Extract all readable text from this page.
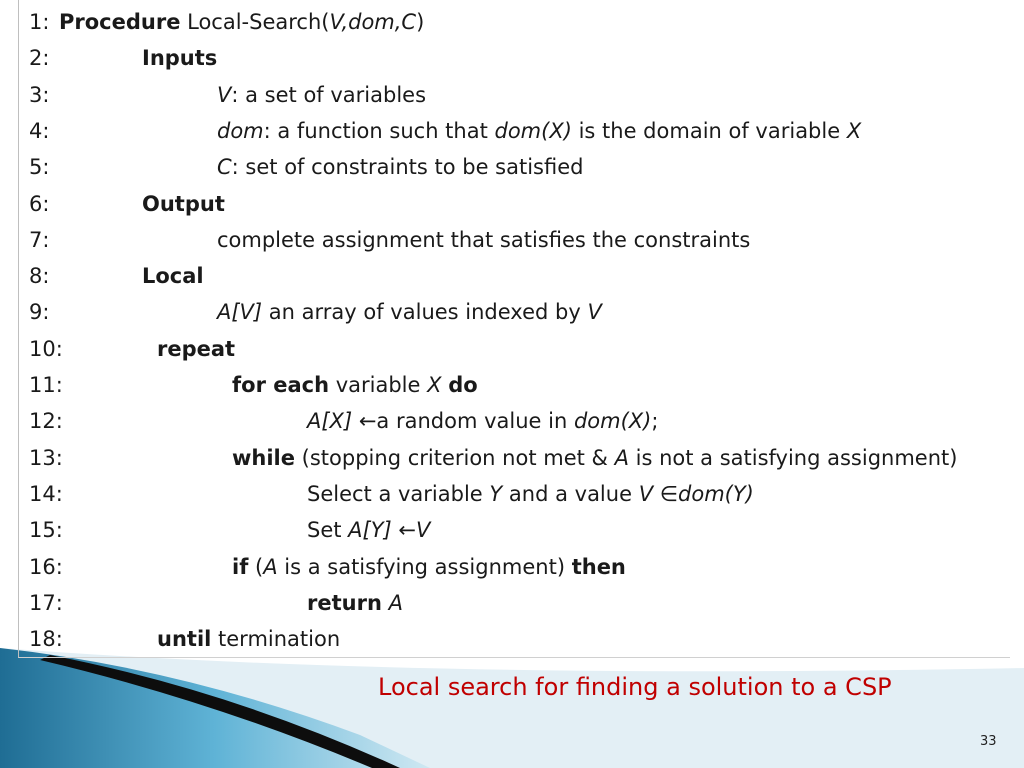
1: Procedure Local-Search(V,dom,C)
2:	Inputs
3:	V: a set of variables
4:	dom: a function such that dom(X) is the domain of variable X
5:	C: set of constraints to be satisfied
6:	Output
7:	complete assignment that satisfies the constraints
8:	Local
9:	A[V] an array of values indexed by V
10:	repeat
11:	for each variable X do
12:	A[X] ←a random value in dom(X);
13:	while (stopping criterion not met & A is not a satisfying assignment)
14:	Select a variable Y and a value V ∈dom(Y)
15:	Set A[Y] ←V
16:	if (A is a satisfying assignment) then
17:	return A
18:	until termination
Local search for finding a solution to a CSP
33
